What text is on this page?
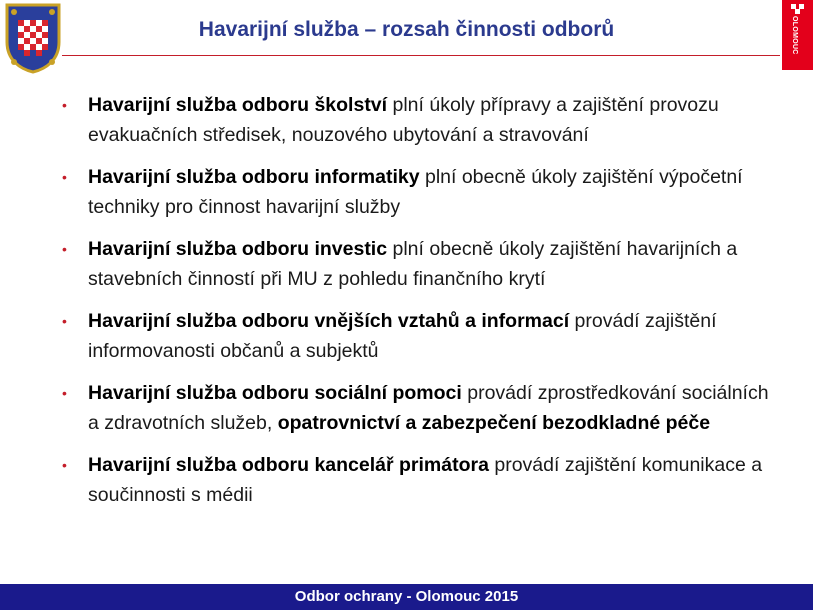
Havarijní služba – rozsah činnosti odborů	OLOMOUC
• Havarijní služba odboru školství plní úkoly přípravy a zajištění provozu evakuačních středisek, nouzového ubytování a stravování
• Havarijní služba odboru informatiky plní obecně úkoly zajištění výpočetní techniky pro činnost havarijní služby
• Havarijní služba odboru investic plní obecně úkoly zajištění havarijních a stavebních činností při MU z pohledu finančního krytí
• Havarijní služba odboru vnějších vztahů a informací provádí zajištění informovanosti občanů a subjektů
• Havarijní služba odboru sociální pomoci provádí zprostředkování sociálních a zdravotních služeb, opatrovnictví a zabezpečení bezodkladné péče
• Havarijní služba odboru kancelář primátora provádí zajištění komunikace a součinnosti s médii
Odbor ochrany - Olomouc 2015
